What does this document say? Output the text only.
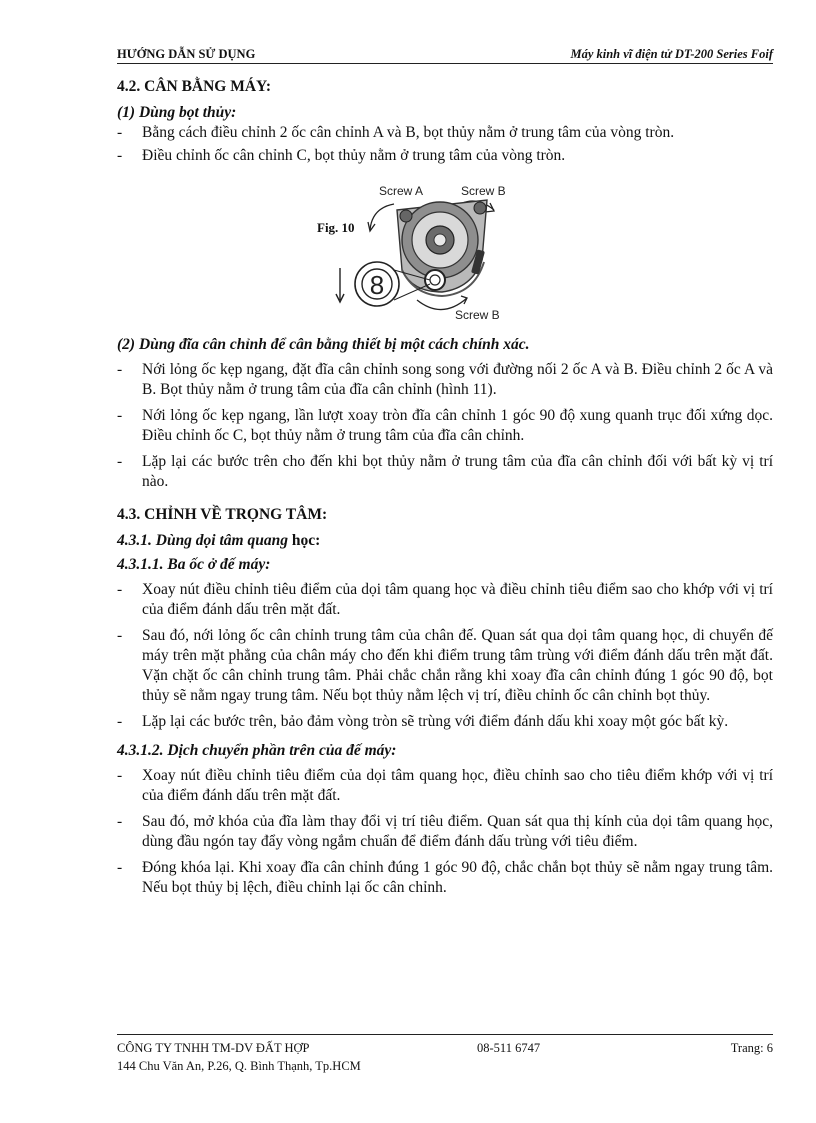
HƯỚNG DẪN SỬ DỤNG	Máy kinh vĩ điện tử DT-200 Series Foif
4.2. CÂN BẰNG MÁY:
(1) Dùng bọt thủy:
- Bằng cách điều chỉnh 2 ốc cân chỉnh A và B, bọt thủy nằm ở trung tâm của vòng tròn.
- Điều chỉnh ốc cân chỉnh C, bọt thủy nằm ở trung tâm của vòng tròn.
Fig. 10
Screw A	Screw B
Screw B
8
(2) Dùng đĩa cân chỉnh để cân bằng thiết bị một cách chính xác.
- Nới lỏng ốc kẹp ngang, đặt đĩa cân chỉnh song song với đường nối 2 ốc A và B. Điều chỉnh 2 ốc A và B. Bọt thủy nằm ở trung tâm của đĩa cân chỉnh (hình 11).
- Nới lỏng ốc kẹp ngang, lần lượt xoay tròn đĩa cân chỉnh 1 góc 90 độ xung quanh trục đối xứng dọc. Điều chỉnh ốc C, bọt thủy nằm ở trung tâm của đĩa cân chỉnh.
- Lặp lại các bước trên cho đến khi bọt thủy nằm ở trung tâm của đĩa cân chỉnh đối với bất kỳ vị trí nào.
4.3. CHỈNH VỀ TRỌNG TÂM:
4.3.1. Dùng dọi tâm quang học:
4.3.1.1. Ba ốc ở đế máy:
- Xoay nút điều chỉnh tiêu điểm của dọi tâm quang học và điều chỉnh tiêu điểm sao cho khớp với vị trí của điểm đánh dấu trên mặt đất.
- Sau đó, nới lỏng ốc cân chỉnh trung tâm của chân đế. Quan sát qua dọi tâm quang học, di chuyển đế máy trên mặt phẳng của chân máy cho đến khi điểm trung tâm trùng với điểm đánh dấu trên mặt đất. Vặn chặt ốc cân chỉnh trung tâm. Phải chắc chắn rằng khi xoay đĩa cân chỉnh đúng 1 góc 90 độ, bọt thủy sẽ nằm ngay trung tâm. Nếu bọt thủy nằm lệch vị trí, điều chỉnh ốc cân chỉnh bọt thủy.
- Lặp lại các bước trên, bảo đảm vòng tròn sẽ trùng với điểm đánh dấu khi xoay một góc bất kỳ.
4.3.1.2. Dịch chuyển phần trên của đế máy:
- Xoay nút điều chỉnh tiêu điểm của dọi tâm quang học, điều chỉnh sao cho tiêu điểm khớp với vị trí của điểm đánh dấu trên mặt đất.
- Sau đó, mở khóa của đĩa làm thay đổi vị trí tiêu điểm. Quan sát qua thị kính của dọi tâm quang học, dùng đầu ngón tay đẩy vòng ngắm chuẩn để điểm đánh dấu trùng với tiêu điểm.
- Đóng khóa lại. Khi xoay đĩa cân chỉnh đúng 1 góc 90 độ, chắc chắn bọt thủy sẽ nằm ngay trung tâm. Nếu bọt thủy bị lệch, điều chỉnh lại ốc cân chỉnh.
CÔNG TY TNHH TM-DV ĐẤT HỢP
144 Chu Văn An, P.26, Q. Bình Thạnh, Tp.HCM
08-511 6747	Trang: 6
